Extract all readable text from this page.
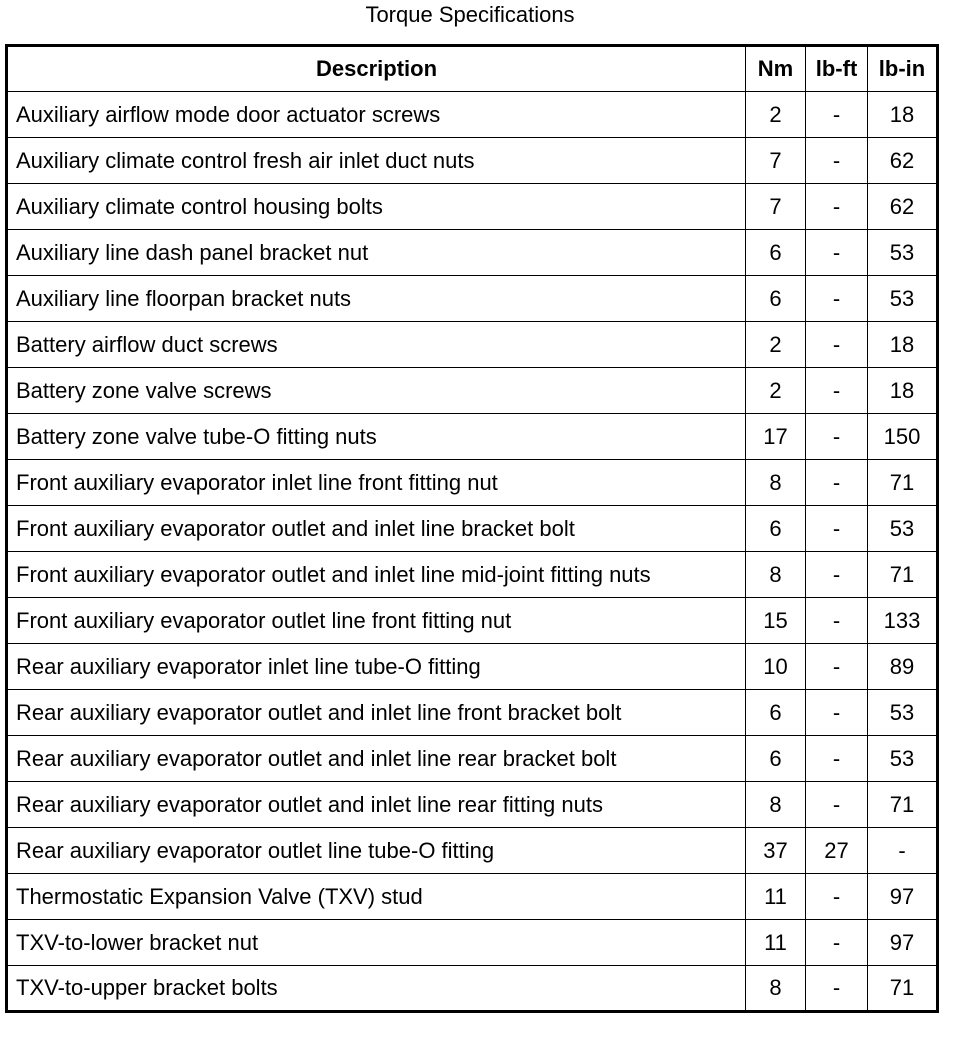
Torque Specifications
Description	Nm	lb-ft	lb-in
Auxiliary airflow mode door actuator screws	2	-	18
Auxiliary climate control fresh air inlet duct nuts	7	-	62
Auxiliary climate control housing bolts	7	-	62
Auxiliary line dash panel bracket nut	6	-	53
Auxiliary line floorpan bracket nuts	6	-	53
Battery airflow duct screws	2	-	18
Battery zone valve screws	2	-	18
Battery zone valve tube-O fitting nuts	17	-	150
Front auxiliary evaporator inlet line front fitting nut	8	-	71
Front auxiliary evaporator outlet and inlet line bracket bolt	6	-	53
Front auxiliary evaporator outlet and inlet line mid-joint fitting nuts	8	-	71
Front auxiliary evaporator outlet line front fitting nut	15	-	133
Rear auxiliary evaporator inlet line tube-O fitting	10	-	89
Rear auxiliary evaporator outlet and inlet line front bracket bolt	6	-	53
Rear auxiliary evaporator outlet and inlet line rear bracket bolt	6	-	53
Rear auxiliary evaporator outlet and inlet line rear fitting nuts	8	-	71
Rear auxiliary evaporator outlet line tube-O fitting	37	27	-
Thermostatic Expansion Valve (TXV) stud	11	-	97
TXV-to-lower bracket nut	11	-	97
TXV-to-upper bracket bolts	8	-	71
